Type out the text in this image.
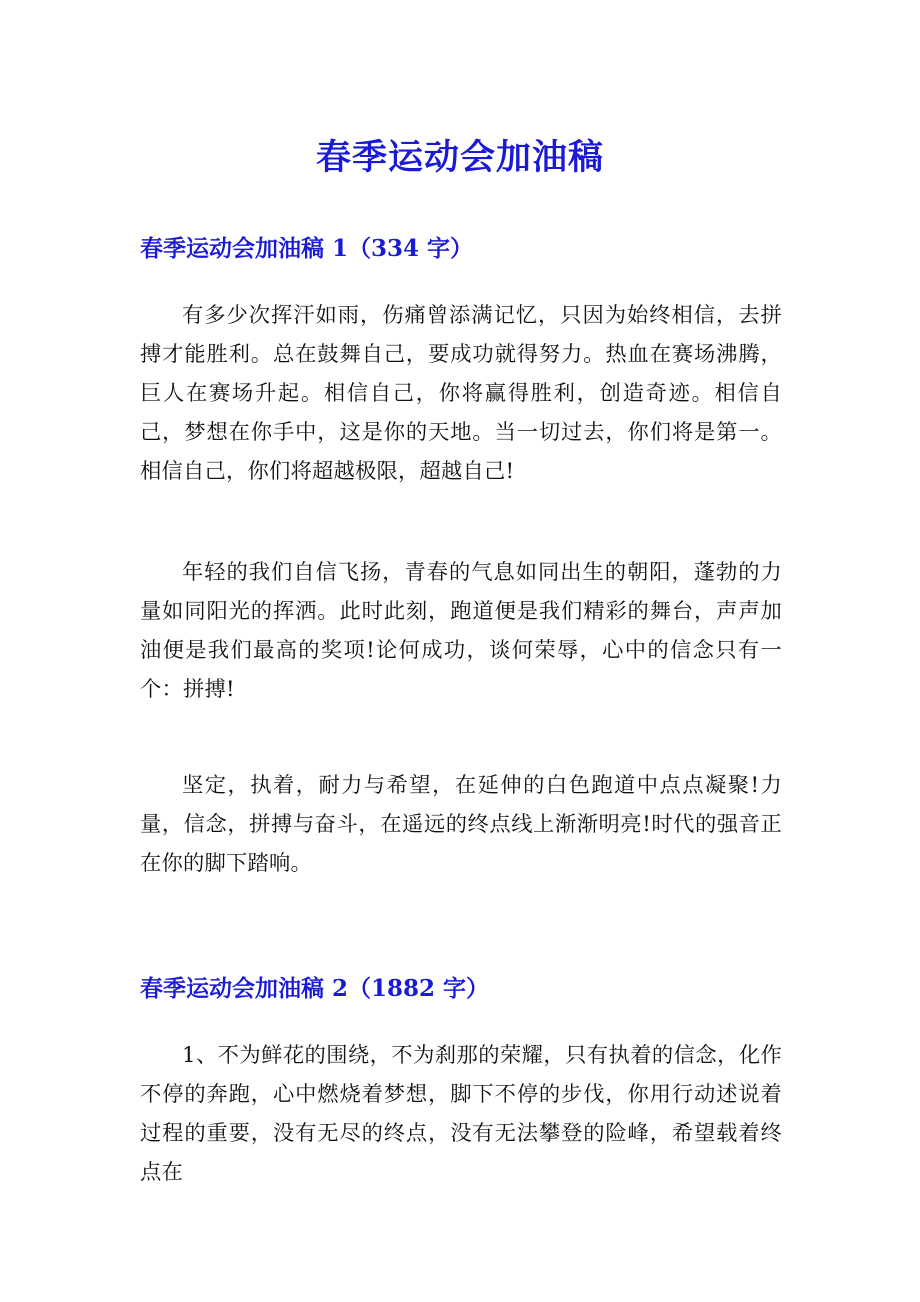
春季运动会加油稿
春季运动会加油稿 1（334 字）

有多少次挥汗如雨，伤痛曾添满记忆，只因为始终相信，去拼搏才能胜利。总在鼓舞自己，要成功就得努力。热血在赛场沸腾，巨人在赛场升起。相信自己，你将赢得胜利，创造奇迹。相信自己，梦想在你手中，这是你的天地。当一切过去，你们将是第一。相信自己，你们将超越极限，超越自己!

年轻的我们自信飞扬，青春的气息如同出生的朝阳，蓬勃的力量如同阳光的挥洒。此时此刻，跑道便是我们精彩的舞台，声声加油便是我们最高的奖项!论何成功，谈何荣辱，心中的信念只有一个：拼搏!

坚定，执着，耐力与希望，在延伸的白色跑道中点点凝聚!力量，信念，拼搏与奋斗，在遥远的终点线上渐渐明亮!时代的强音正在你的脚下踏响。

春季运动会加油稿 2（1882 字）

1、不为鲜花的围绕，不为刹那的荣耀，只有执着的信念，化作不停的奔跑，心中燃烧着梦想，脚下不停的步伐，你用行动述说着过程的重要，没有无尽的终点，没有无法攀登的险峰，希望载着终点在
